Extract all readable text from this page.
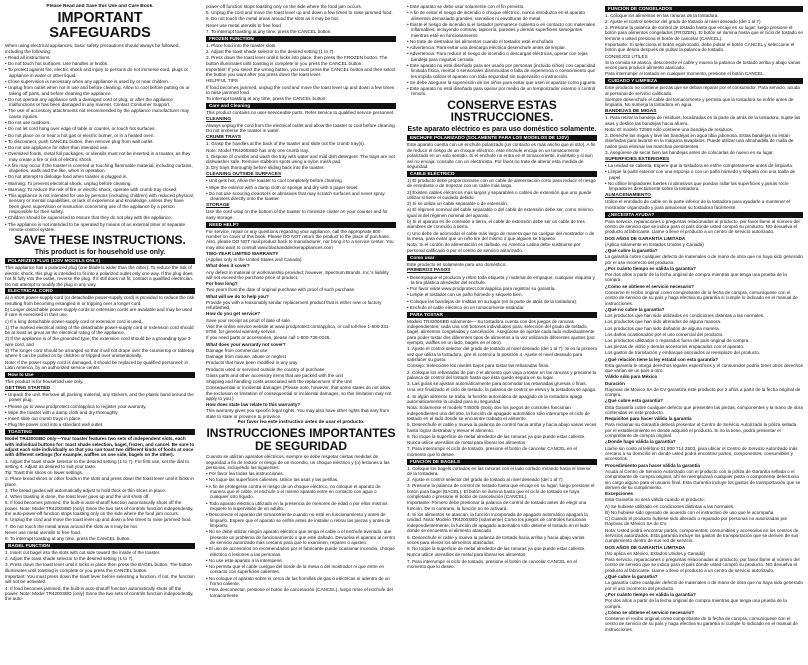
Please Read and Save this Use and Care Book.
IMPORTANT SAFEGUARDS
When using electrical appliances, basic safety precautions should always be followed, including the following:
• Read all instructions.
• Do not touch hot surfaces. Use handles or knobs.
• To protect against fire, electric shock and injury to persons do not immerse cord, plugs or appliance in water or other liquid.
• Close supervision is necessary when any appliance is used by or near children.
• Unplug from outlet when not in use and before cleaning. Allow to cool before putting on or taking off parts, and before cleaning the appliance.
• Do not operate any appliance with a damaged cord or plug, or after the appliance malfunctions or has been damaged in any manner. Contact Consumer Support.
• The use of accessory attachments not recommended by the appliance manufacturer may cause injuries.
• Do not use outdoors.
• Do not let cord hang over edge of table or counter, or touch hot surfaces.
• Do not place on or near a hot gas or electric burner, or in a heated oven.
• To disconnect, push CANCEL button, then remove plug from wall outlet.
• Do not use appliance for other than intended use.
• Oversized foods, metal foil packages, or utensils must not be inserted in a toaster, as they may create a fire or risk of electric shock.
• A fire may occur if the toaster is covered or touching flammable material, including curtains, draperies, walls and the like, when in operation.
• Do not attempt to dislodge food when toaster is plugged in.
• Warning: To prevent electrical shock, unplug before cleaning.
• Warning: To reduce the risk of fire or electric shock, operate with crumb tray closed.
• This appliance is not intended for use by persons (including children) with reduced physical, sensory or mental capabilities, or lack of experience and knowledge, unless they have been given supervision or instruction concerning use of the appliance by a person responsible for their safety.
• Children should be supervised to ensure that they do not play with the appliance.
• The appliance is not intended to be operated by means of an external timer or separate remote-control system.
SAVE THESE INSTRUCTIONS.
This product is for household use only.
POLARIZED PLUG (120V MODELS ONLY)
This appliance has a polarized plug (one blade is wider than the other). To reduce the risk of electric shock, this plug is intended to fit into a polarized outlet only one way. If the plug does not fit fully into the outlet, reverse the plug. If it still does not fit, contact a qualified electrician. Do not attempt to modify the plug in any way.
ELECTRICAL CORD
a) A short power-supply cord (or detachable power-supply cord) is provided to reduce the risk resulting from becoming entangled in or tripping over a longer cord.
b) Longer detachable power-supply cords or extension cords are available and may be used if care is exercised in their use.
c) If a long detachable power-supply cord or extension cord is used,
1) The marked electrical rating of the detachable power-supply cord or extension cord should be at least as great as the electrical rating of the appliance,
2) If the appliance is of the grounded type, the extension cord should be a grounding-type 3-wire cord, and
3) The longer cord should be arranged so that it will not drape over the countertop or tabletop where it can be pulled on by children or tripped over unintentionally.
Note: If the power supply cord is damaged, it should be replaced by qualified personnel; in Latin America, by an authorized service center.
How to Use
This product is for household use only.
GETTING STARTED
• Unpack the unit. Remove all packing material, any stickers, and the plastic band around the power plug.
• Please go to www.prodprotect.com/applica to register your warranty.
• Wipe the toaster with a damp cloth and dry thoroughly.
• Insert slide out crumb trays in place.
• Plug the power cord into a standard wall outlet.
TOASTING
Model TR4200SBD only—Your toaster features two sets of independent slots, each with individual buttons for: toast shade selection, bagel, frozen, and cancel. Be sure to adjust each side individually so that you can toast two different kinds of foods at once with different settings (for example, waffles on one side, bagels on the other).
1. Adjust the toast shade selector to the desired setting (1 to 7). For first use, set the dial to setting 4. Adjust as desired to suit your taste.
Tip: Toast thin slices on lower settings.
2. Place bread slices or other foods in the slots and press down the toast lever until it locks in place.
3. The bread guides will automatically adjust to hold thick or thin slices in place.
4. When toasting is done, the toast lever goes up and the unit shuts off.
5. If food becomes jammed, the built-in auto-shutoff function automatically shuts off the power. Note: Model TR4200SBD (only) Since the two sets of controls function independently, the auto-power-off function stops toasting only on the side where the food jam occurs.
6. Unplug the cord and move the toast lever up and down a few times to raise jammed food.
7. Do not touch the metal areas around the slots as it may be hot.
Never use metal utensils to free food.
8. To interrupt toasting at any time, press the CANCEL button.
BAGEL FUNCTION
1. Insert cut bagel into the slots with cut side toward the inside of the toaster.
2. Adjust the toast shade selector to the desired setting (1 to 7).
3. Press down the toast lever until it locks in place then press the BAGEL button. The button illuminates until toasting is complete or you press the CANCEL button.
Important: You must press down the toast lever before selecting a function. If not, the function will not be activated.
4. If food becomes jammed, the built-in auto-shutoff function automatically shuts off the power. Note: Model TR4200SBD (only) Since the two sets of controls function independently, the auto-
power-off function stops toasting only on the side where the food jam occurs.
5. Unplug the cord and move the toast lever up and down a few times to raise jammed food.
6. Do not touch the metal areas around the slots as it may be hot.
Never use metal utensils to free food.
7. To interrupt toasting at any time, press the CANCEL button.
FROZEN FUNCTION
1. Place food into the toaster slots.
2. Adjust the toast shade selector to the desired setting (1 to 7).
3. Press down the toast lever until it locks into place, then press the FROZEN button. The button illuminates until toasting is complete or you press the CANCEL button.
Important: If you select the wrong button, you must press the CANCEL button and then select the button you want after you press down the toast lever.
HELPFUL TIPS
If food becomes jammed, unplug the cord and move the toast lever up and down a few times to raise jammed food.
To interrupt toasting at any time, press the CANCEL button.
Care and Cleaning
This product contains no user-serviceable parts. Refer service to qualified service personnel.
CLEANING
Always unplug the cord from the electrical outlet and allow the toaster to cool before cleaning. Do not immerse the toaster in water.
CRUMB TRAYS
1. Grasp the handles at the back of the toaster and slide out the crumb tray(s).
Note: Model TR4200SBD has only one crumb tray.
2. Dispose of crumbs and wash the tray with water and mild dish detergent. The trays are not dishwasher safe. Remove stubborn spots using a nylon mesh pad.
3. Dry trays thoroughly before sliding back into the toaster.
CLEANING OUTSIDE SURFACES
• Unit gets hot. Allow the toaster to cool completely before cleaning.
• Wipe the exterior with a damp cloth or sponge and dry with a paper towel.
• Do not use scouring cleansers or abrasives that may scratch surfaces and never spray cleansers directly onto the toaster.
STORAGE
Use the cord wrap on the bottom of the toaster to minimize clutter on your counter and for easy storage.
NEED HELP?
For service, repair or any questions regarding your appliance, call the appropriate 800 number on cover of this book. Please DO NOT return the product to the place of purchase. Also, please DO NOT mail product back to manufacturer, nor bring it to a service center. You may also want to consult www.blackanddeckerappliances.com
TWO-YEAR LIMITED WARRANTY
(Applies only in the United States and Canada)
What does it cover?
Any defect in material or workmanship provided; however, Spectrum Brands, Inc.'s liability will not exceed the purchase price of product.
For how long?
Two years from the date of original purchase with proof of such purchase.
What will we do to help you?
Provide you with a reasonably similar replacement product that is either new or factory refurbished.
How do you get service?
Save your receipt as proof of date of sale.
Visit the online service website at www.prodprotect.com/applica, or call toll-free 1-800-231-9786, for general warranty service.
If you need parts or accessories, please call 1-800-738-0245.
What does your warranty not cover?
Damage from commercial use
Damage from misuse, abuse or neglect
Products that have been modified in any way
Products used or serviced outside the country of purchase
Glass parts and other accessory items that are packed with the unit
Shipping and handling costs associated with the replacement of the unit
Consequential or incidental damages (Please note, however, that some states do not allow the exclusion or limitation of consequential or incidental damages, so this limitation may not apply to you.)
How does state law relate to this warranty?
This warranty gives you specific legal rights. You may also have other rights that vary from state to state or province to province.
Por favor lea este instructivo antes de usar el producto.
INSTRUCCIONES IMPORTANTES DE SEGURIDAD
Cuando se utilizan aparatos eléctricos, siempre se debe respetar ciertas medidas de seguridad a fin de reducir el riesgo de un incendio, un choque eléctrico y (o) lesiones a las personas, incluyendo las siguientes:
• Por favor lea todas las instrucciones.
• No toque las superficies calientes. Utilice las asas y las perillas.
• A fin de protegerse contra el riesgo de un choque eléctrico, no coloque el aparato de manera que el cable, el enchufe o el mismo aparato entre en contacto con agua o cualquier otro líquido.
• Todo aparato eléctrico utilizado en la presencia de menores de edad o por ellos mismos requiere la supervisión de un adulto.
• Desconecte el aparato del tomacorriente cuando no esté en funcionamiento y antes de limpiarlo. Espere que el aparato se enfríe antes de instalar o retirar las piezas y antes de limpiarlo.
• No se debe utilizar ningún aparato eléctrico que tenga el cable o el enchufe averiado, que presente un problema de funcionamiento o que esté dañado. Devuelva el aparato al centro de servicio autorizado más cercano para que lo examinen, reparen o ajusten.
• El uso de accesorios no recomendados por el fabricante puede ocasionar incendio, choque eléctrico o lesiones a las personas.
• No use este aparato a la intemperie.
• No permita que el cable cuelgue del borde de la mesa o del mostrador ni que entre en contacto con superficies calientes.
• No coloque el aparato sobre ni cerca de las hornillas de gas o eléctricas ni adentro de un horno caliente.
• Para desconectar, presione el botón de cancelación (CANCEL), luego retire el enchufe del tomacorriente.
• Este aparato se debe usar solamente con el fin previsto.
• A fin de evitar el riesgo de incendio o choque eléctrico, nunca introduzca en el aparato alimentos demasiado grandes, utensilios ni envolturas de metal.
• Existe el riesgo de incendio si el tostador permanece cubierto o en contacto con materiales inflamables, incluyendo cortinas, tapicería, paredes y demás superficies semejantes mientras esté en funcionamiento.
• No trate de destrabar los alimentos cuando el tostador esté enchufado.
• Advertencia: Para evitar una descarga eléctrica desenchufe antes de limpiar.
• Advertencia: Para reducir el riesgo de incendio o descargas eléctricas, operar con rejas bandeja para miguitas cerrada.
• Este aparato no está diseñado para ser usado por personas (incluido niños) con capacidad limitada física, mental o sensoriales disminuidas o falta de experiencia o conocimiento que les impida utilizar el aparato con toda seguridad sin supervisión o instrucción.
• Se debe asegurar la supervisión de los niños para evitar que usen el aparato como juguete.
• Este aparato no está diseñado para operar por medio de un temporizador externo o control remoto.
CONSERVE ESTAS INSTRUCCIONES.
Este aparato eléctrico es para uso doméstico solamente.
ENCHUFE POLARIZADO (SOLAMENTE PARA LOS MODELOS DE 120V)
Este aparato cuenta con un enchufe polarizado (un contacto es más ancho que el otro). A fin de reducir el riesgo de un choque eléctrico, este enchufe encaja en un tomacorriente polarizado en un solo sentido. Si el enchufe no entra en el tomacorriente, inviértalo y si aun así no encaja, consulte con un electricista. Por favor no trate de alterar esta medida de seguridad.
CABLE ELÉCTRICO
1) El producto debe proporcionarse con un cable de alimentación corto para reducir el riesgo de enredarse o de tropezar con un cable más largo.
2) Existen cables eléctricos más largos y separables o cables de extensión que uno puede utilizar si tiene el cuidado debido.
3) Si se utiliza un cable separable o de extensión,
a) El régimen nominal del cable separable o del cable de extensión debe ser, como mínimo, igual al del régimen nominal del aparato.
b) Si el aparato es de conexión a tierra, el cable de extensión debe ser un cable de tres alambres de conexión a tierra.
c) Uno debe de acomodar el cable más largo de manera que no cuelgue del mostrador o de la mesa, para evitar que un niño tire del mismo o que alguien se tropiece.
Nota: Si el cordón de alimentación es dañado, en América Latina debe sustituirse por personal calificado o por el centro de servicio autorizado.
Como usar
Este producto es solamente para uso doméstico.
PRIMEROS PASOS
• Desempaque el producto y retire toda etiqueta y material de empaque, cualquier etiqueta y la tira plástica alrededor del enchufe.
• Por favor visite www.prodprotect.com/applica para registrar su garantía.
• Limpie el tostador con un paño húmedo y séquelo bien.
• Coloque las bandejas de miditas en su lugar (en la parte de atrás de la tostadora).
• Enchufe el cable eléctrico en un tomacorriente estándar.
PARA TOSTAR
Modelo TR4200SBD solamente— Su tostadora cuenta con dos juegos de ranuras independientes, cada una con botones individuales para: selección del grado de tostado, bagel, alimentos congelados y cancelación. Asegúrese de ajustar cada lado individualmente para poder tostar dos diferentes tipos de alimentos a la vez utilizando diferentes ajustes (por ejemplo, waffles en un lado, bagels en el otro).
1. Ajuste el control selector del grado de tostado al nivel deseado (del 1 al 7). Si es la primera vez que utiliza la tostadora, gire el control a la posición 4. Ajuste el nivel deseado para satisfacer su gusto.
Consejo: Seleccione los niveles bajos para tostar las rebanadas finas.
2. Coloque los rebanadas de pan o el alimento que vaya a tostar en las ranuras y presione la palanca de control del tostado hasta que ésta quede segura en su lugar.
3. Las guías se ajustan automáticamente para acomodar las rebanadas gruesas o finas.
Una vez finalizado el ciclo de tostado, la palanca de control se eleva y la tostadora se apaga.
4. Si algún alimento se traba, la función automática de apagado de la tostadora apaga automáticamente la unidad para su seguridad.
Nota: Solamente el modelo T4500b (Solo) dos los juegos de controles funcionan independientes uno del otro, la función de apagado automático sólo interrumpe el ciclo de tostado en el lado donde se encuentre trabado el alimento.
5. Desenchufe el cable y mueva la palanca de control hacia arriba y hacia abajo varias veces hasta lograr destrabar y elevar el alimento.
6. No toque la superficie de metal alrededor de las ranuras ya que puede estar caliente.
Nunca utilice utensilios de metal para liberar los alimentos.
7. Para interrumpir el ciclo de tostado, presione el botón de cancelar CANCEL en el momento que lo desee.
FUNCIÓN DE BAGELS
1. Coloque los bagels cortados en las ranuras con el lado cortado mirando hacia el interior de la tostadora.
2. Ajuste el control selector del grado de tostado al nivel deseado (del 1 al 7).
3. Presione la palanca de control de tostado hasta que encaje en su lugar; luego presione el botón para bagel (BAGEL). El botón se ilumina hasta que el ciclo de tostado se haya completado o presione el botón de cancelación (CANCEL).
Importante: Primero debe presionar la palanca de control de tostado antes de elegir una función. De lo contrario, la función no se activará.
4. Si los alimentos se atascan, la función incorporada de apagado automático apagará la unidad. Nota: Modelo TR4200SBD (solamente) Como los juegos de controles funcionan independientemente, la función de apagado automático sólo detiene el tostado en el lado donde se encuentra el alimento atascado.
5. Desenchufe el cable y mueva la palanca de tostado hacia arriba y hacia abajo varias veces para elevar los alimentos atascados.
6. No toque la superficie de metal alrededor de las ranuras ya que puede estar caliente.
Nunca utilice utensilios de metal para liberar los alimentos.
7. Para interrumpir el ciclo de tostado, presione el botón de cancelar CANCEL en el momento que lo desee.
FUNCIÓN DE CONGELADOS
1. Coloque los alimentos en las ranuras de la tostadora.
2. Ajuste el control selector del grado de tostado al nivel deseado (del 1 al 7).
3. Presione la palanca de control de tostado hasta que encaje en su lugar; luego presione el botón para alimentos congelados (FROZEN). El botón se ilumina hasta que el ciclo de tostado se termine o usted presiona el botón de cancelar (CANCEL).
Importante: Si selecciona el botón equivocado, debe pulsar el botón CANCEL y seleccione el botón que desea después de pulsar la palanca de tostado.
CONSEJOS ÚTILES
Si la comida se atasca, desconecte el cable y mueva la palanca de tostado arriba y abajo varias veces para producir alimento atascado.
Para interrumpir el tostado en cualquier momento, presione el botón CANCEL.
CUIDADO Y LIMPIEZA
Este producto no contiene piezas que se deban reparar por el consumidor. Para servicio, acuda al personal de servicio calificado.
Siempre desenchufe el cable del tomacorriente y permita que la tostadora se enfríe antes de limpiarla. No sumerja la tostadora en agua.
BANDEJAS DE MIGAS
1. Para retirar la bandeja de residuos, localizadas en la parte de atrás de la tostadora, sujete las asas y deslice las bandejas hacia afuera.
Nota: El modelo T2569 sólo contiene una bandeja de residuos.
2. Deseche las migas y lave las bandejas en agua tibia jabonosa. Estas bandejas no están diseñadas para lavarse en la máquina lavaplatos. Puede utilizar una almohadilla de malla de nailon para eliminar las manchas persistentes.
3. Asegúrese de secar bien las bandejas antes de colocarlas de nuevo en su lugar.
SUPERFICIES EXTERIORES
• La unidad se calienta. Espere que la tostadora se enfríe completamente antes de limpiarla.
• Limpie la parte exterior con una esponja o con un paño húmedo y séquela con una toalla de papel.
• No utilice limpiadores fuertes ni abrasivos que puedan rallar las superficies y jamás rocíe limpiadores directamente sobre la tostadora.
ALMACENAMIENTO
Utilice el enrollado de cable en la parte inferior de la tostadora para ayudarle a mantener el mostrador organizado y para almacenar su tostadora fácilmente.
¿NECESITA AYUDA?
Para servicio, reparaciones o preguntas relacionadas al producto, por favor llame al número del centro de servicio que se indica para el país donde usted compró su producto. NO devuelva el producto al fabricante. Llame o lleve el producto a un centro de servicio autorizado.
DOS AÑOS DE GARANTÍA LIMITADA
(Aplica solamente en Estados Unidos y Canadá)
¿Qué cubre la garantía?
La garantía cubre cualquier defecto de materiales o de mano de obra que no haya sido generado por el uso incorrecto del producto.
¿Por cuánto tiempo es válida la garantía?
Por dos años a partir de la fecha original de compra mientras que tenga una prueba de la compra.
¿Cómo se obtiene el servicio necesario?
Conserve el recibo original como comprobante de la fecha de compra, comuníquese con el centro de servicio de su país y haga efectiva su garantía si cumple lo indicado en el manual de instrucciones.
¿Qué no cubre la garantía?
Los productos que han sido utilizados en condiciones distintas a las normales.
Los productos que han sido alterados de alguna manera.
Los productos que han sido dañados de alguna manera.
Los daños ocasionados por el uso comercial del producto.
Los productos utilizados o reparados fuera del país original de compra.
Las piezas de vidrio y demás accesorios empacados con el aparato.
Los gastos de tramitación y embarque asociados al reemplazo del producto.
¿Qué relación tiene la ley estatal con esta garantía?
Esta garantía le otorga derechos legales específicos y el consumidor podría tener otros derechos que varían de un país a otro.
Válido sólo para México
Duración
Rayovac de México SA de CV garantiza este producto por 2 años a partir de la fecha original de compra.
¿Qué cubre esta garantía?
Esta Garantía cubre cualquier defecto que presenten las piezas, componentes y la mano de obra contenidas en este producto.
Requisitos para hacer válida la garantía
Para reclamar su Garantía deberá presentar al Centro de Servicio Autorizado la póliza sellada por el establecimiento en donde adquirió el producto. Si no la tiene, podrá presentar el comprobante de compra original.
¿Donde hago válida la garantía?
Llame sin costo al teléfono 01 800 714 2503, para ubicar el Centro de Servicio Autorizado más cercano a su domicilio en donde usted podrá encontrar partes, componentes, consumibles y accesorios.
Procedimiento para hacer válida la garantía
Acuda al Centro de Servicio Autorizado con el producto con la póliza de Garantía sellada o el comprobante de compra original, ahí se reemplazará cualquier pieza o componente defectuoso sin cargo alguno para el usuario final. Esta Garantía incluye los gastos de transportación que se deriven de su cumplimiento.
Excepciones
Esta Garantía no será válida cuando el producto:
A) Se hubiese utilizado en condiciones distintas a las normales.
B) No hubiese sido operado de acuerdo con el instructivo de uso que le acompaña.
C) Cuando el producto hubiese sido alterado o reparado por personas no autorizadas por Rayovac de México SA de CV.
Nota: Usted podrá encontrar partes, componentes, consumibles y accesorios en los centros de servicios autorizados. Esta garantía incluye los gastos de transportación que se deriven de sus cumplimiento dentro de sus red de servicio.
DOS AÑOS DE GARANTÍA LIMITADA
(No aplica en México, Estados Unidos y Canadá)
Para servicio, reparaciones o preguntas relacionadas al producto, por favor llame al número del centro de servicio que se indica para el país donde usted compró su producto. NO devuelva el producto al fabricante. Llame o lleve el producto a un centro de servicio autorizado.
¿Qué cubre la garantía?
La garantía cubre cualquier defecto de materiales o de mano de obra que no haya sido generado por el uso incorrecto del producto.
¿Por cuánto tiempo es válida la garantía?
Por dos años a partir de la fecha original de compra mientras que tenga una prueba de la compra.
¿Cómo se obtiene el servicio necesario?
Conserve el recibo original como comprobante de la fecha de compra, comuníquese con el centro de servicio de su país y haga efectiva su garantía si cumple lo indicado en el manual de instrucciones.
